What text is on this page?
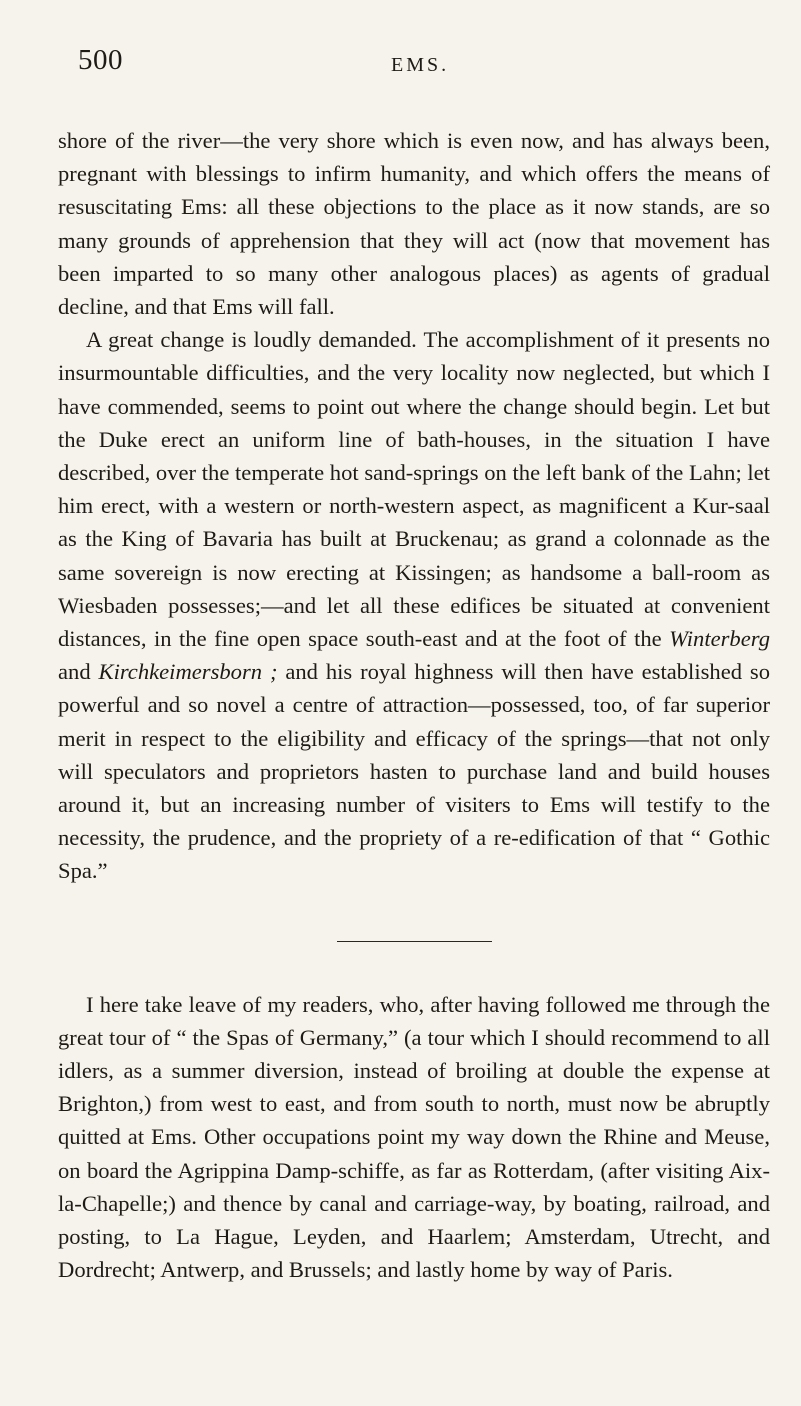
500	EMS.

shore of the river—the very shore which is even now, and has always been, pregnant with blessings to infirm humanity, and which offers the means of resuscitating Ems: all these objections to the place as it now stands, are so many grounds of apprehension that they will act (now that movement has been imparted to so many other analogous places) as agents of gradual decline, and that Ems will fall.

A great change is loudly demanded. The accomplishment of it presents no insurmountable difficulties, and the very locality now neglected, but which I have commended, seems to point out where the change should begin. Let but the Duke erect an uniform line of bath-houses, in the situation I have described, over the temperate hot sand-springs on the left bank of the Lahn; let him erect, with a western or north-western aspect, as magnificent a Kur-saal as the King of Bavaria has built at Bruckenau; as grand a colonnade as the same sovereign is now erecting at Kissingen; as handsome a ball-room as Wiesbaden possesses;—and let all these edifices be situated at convenient distances, in the fine open space south-east and at the foot of the Winterberg and Kirchkeimersborn ; and his royal highness will then have established so powerful and so novel a centre of attraction—possessed, too, of far superior merit in respect to the eligibility and efficacy of the springs—that not only will speculators and proprietors hasten to purchase land and build houses around it, but an increasing number of visiters to Ems will testify to the necessity, the prudence, and the propriety of a re-edification of that “ Gothic Spa.”

I here take leave of my readers, who, after having followed me through the great tour of “ the Spas of Germany,” (a tour which I should recommend to all idlers, as a summer diversion, instead of broiling at double the expense at Brighton,) from west to east, and from south to north, must now be abruptly quitted at Ems. Other occupations point my way down the Rhine and Meuse, on board the Agrippina Damp-schiffe, as far as Rotterdam, (after visiting Aix-la-Chapelle;) and thence by canal and carriage-way, by boating, railroad, and posting, to La Hague, Leyden, and Haarlem; Amsterdam, Utrecht, and Dordrecht; Antwerp, and Brussels; and lastly home by way of Paris.
